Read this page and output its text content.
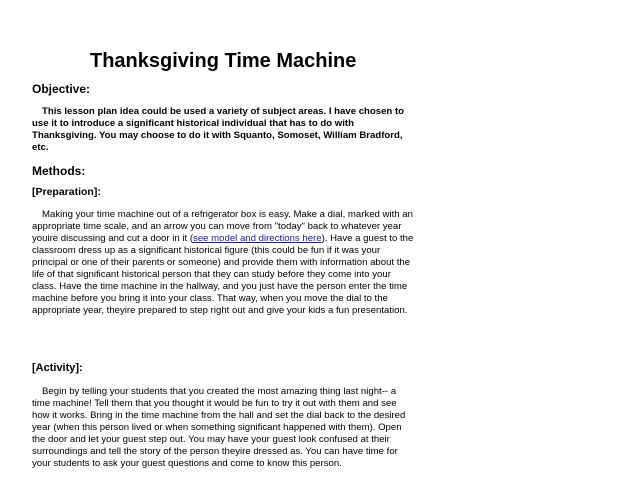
Thanksgiving Time Machine
Objective:

This lesson plan idea could be used a variety of subject areas. I have chosen to use it to introduce a significant historical individual that has to do with Thanksgiving. You may choose to do it with Squanto, Somoset, William Bradford, etc.

Methods:
[Preparation]:

Making your time machine out of a refrigerator box is easy. Make a dial, marked with an appropriate time scale, and an arrow you can move from "today" back to whatever year youire discussing and cut a door in it (see model and directions here). Have a guest to the classroom dress up as a significant historical figure (this could be fun if it was your principal or one of their parents or someone) and provide them with information about the life of that significant historical person that they can study before they come into your class. Have the time machine in the hallway, and you just have the person enter the time machine before you bring it into your class. That way, when you move the dial to the appropriate year, theyire prepared to step right out and give your kids a fun presentation.

[Activity]:

Begin by telling your students that you created the most amazing thing last night-- a time machine! Tell them that you thought it would be fun to try it out with them and see how it works. Bring in the time machine from the hall and set the dial back to the desired year (when this person lived or when something significant happened with them). Open the door and let your guest step out. You may have your guest look confused at their surroundings and tell the story of the person theyire dressed as. You can have time for your students to ask your guest questions and come to know this person.
